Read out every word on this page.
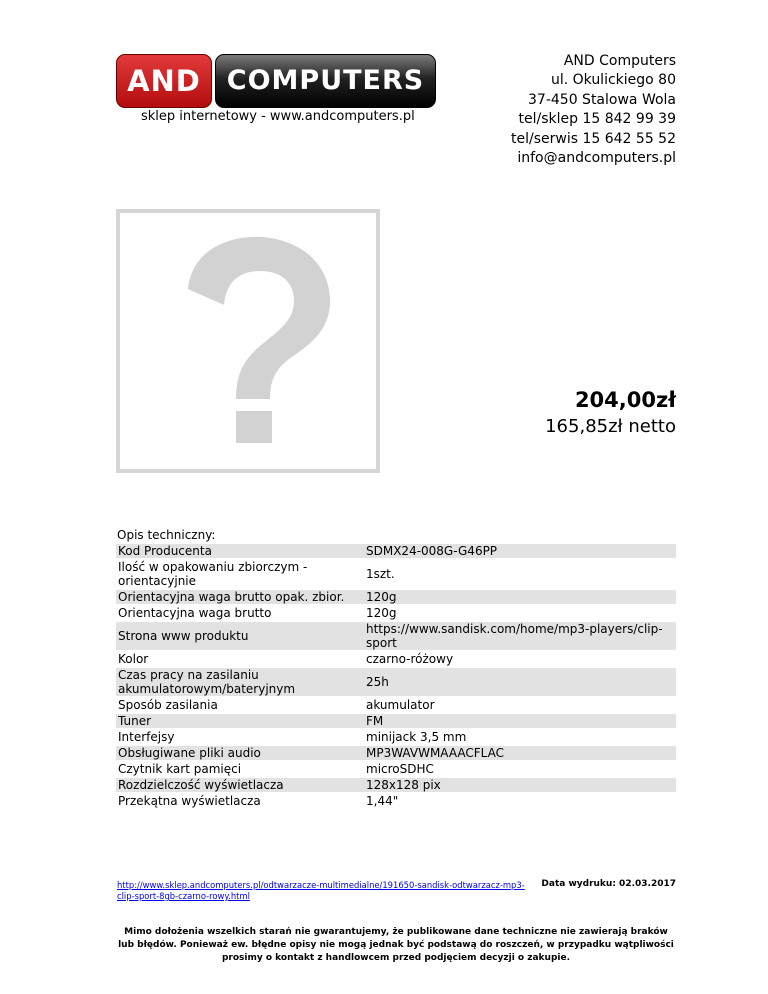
AND COMPUTERS
sklep internetowy - www.andcomputers.pl
AND Computers
ul. Okulickiego 80
37-450 Stalowa Wola
tel/sklep 15 842 99 39
tel/serwis 15 642 55 52
info@andcomputers.pl
204,00zł
165,85zł netto
Opis techniczny:
Kod Producenta	SDMX24-008G-G46PP
Ilość w opakowaniu zbiorczym - orientacyjnie	1szt.
Orientacyjna waga brutto opak. zbior.	120g
Orientacyjna waga brutto	120g
Strona www produktu	https://www.sandisk.com/home/mp3-players/clip-sport
Kolor	czarno-różowy
Czas pracy na zasilaniu akumulatorowym/bateryjnym	25h
Sposób zasilania	akumulator
Tuner	FM
Interfejsy	minijack 3,5 mm
Obsługiwane pliki audio	MP3WAVWMAAACFLAC
Czytnik kart pamięci	microSDHC
Rozdzielczość wyświetlacza	128x128 pix
Przekątna wyświetlacza	1,44"
http://www.sklep.andcomputers.pl/odtwarzacze-multimedialne/191650-sandisk-odtwarzacz-mp3-clip-sport-8gb-czarno-rowy.html
Data wydruku: 02.03.2017
Mimo dołożenia wszelkich starań nie gwarantujemy, że publikowane dane techniczne nie zawierają braków lub błędów. Ponieważ ew. błędne opisy nie mogą jednak być podstawą do roszczeń, w przypadku wątpliwości prosimy o kontakt z handlowcem przed podjęciem decyzji o zakupie.
